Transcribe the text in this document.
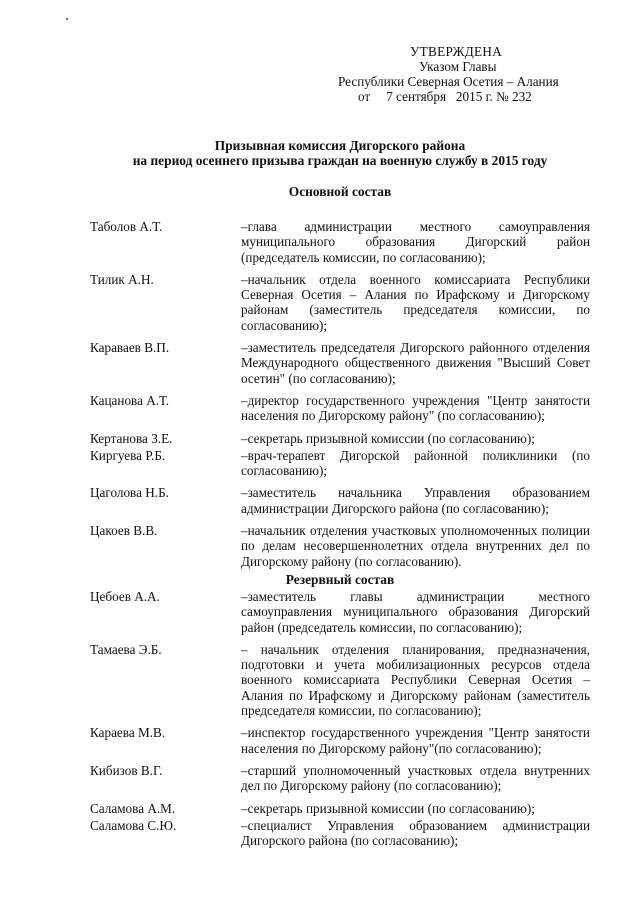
УТВЕРЖДЕНА
Указом Главы
Республики Северная Осетия – Алания
от 7 сентября   2015 г. № 232
Призывная комиссия Дигорского района
на период осеннего призыва граждан на военную службу в 2015 году
Основной состав
Таболов А.Т.	–глава администрации местного самоуправления муниципального образования Дигорский район (председатель комиссии, по согласованию);
Тилик А.Н.	–начальник отдела военного комиссариата Республики Северная Осетия – Алания по Ирафскому и Дигорскому районам (заместитель председателя комиссии, по согласованию);
Караваев В.П.	–заместитель председателя Дигорского районного отделения Международного общественного движения "Высший Совет осетин" (по согласованию);
Кацанова А.Т.	–директор государственного учреждения "Центр занятости населения по Дигорскому району" (по согласованию);
Кертанова З.Е.	–секретарь призывной комиссии (по согласованию);
Киргуева Р.Б.	–врач-терапевт Дигорской районной поликлиники (по согласованию);
Цаголова Н.Б.	–заместитель начальника Управления образованием администрации Дигорского района (по согласованию);
Цакоев В.В.	–начальник отделения участковых уполномоченных полиции по делам несовершеннолетних отдела внутренних дел по Дигорскому району (по согласованию).
Резервный состав
Цебоев А.А.	–заместитель главы администрации местного самоуправления муниципального образования Дигорский район (председатель комиссии, по согласованию);
Тамаева Э.Б.	– начальник отделения планирования, предназначения, подготовки и учета мобилизационных ресурсов отдела военного комиссариата Республики Северная Осетия – Алания по Ирафскому и Дигорскому районам (заместитель председателя комиссии, по согласованию);
Караева М.В.	–инспектор государственного учреждения "Центр занятости населения по Дигорскому району"(по согласованию);
Кибизов В.Г.	–старший уполномоченный участковых отдела внутренних дел по Дигорскому району (по согласованию);
Саламова А.М.	–секретарь призывной комиссии (по согласованию);
Саламова С.Ю.	–специалист Управления образованием администрации Дигорского района (по согласованию);
